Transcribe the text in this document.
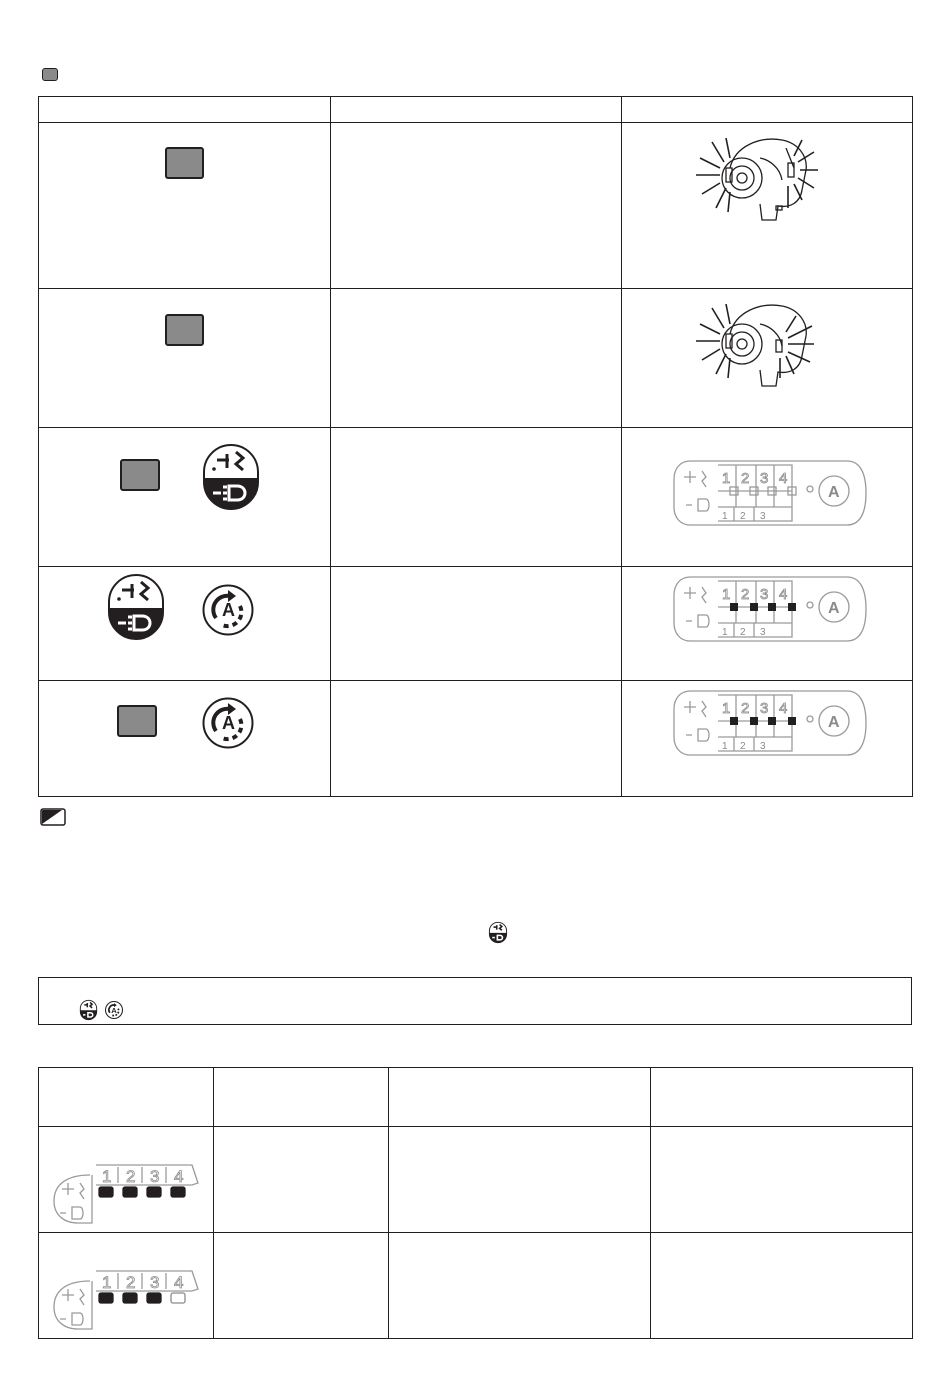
1 2 3 4
1 2 3
A
A
1 2 3 4
1 2 3
A
A
1 2 3 4
1 2 3
A
A
1 2 3 4
1 2 3 4
